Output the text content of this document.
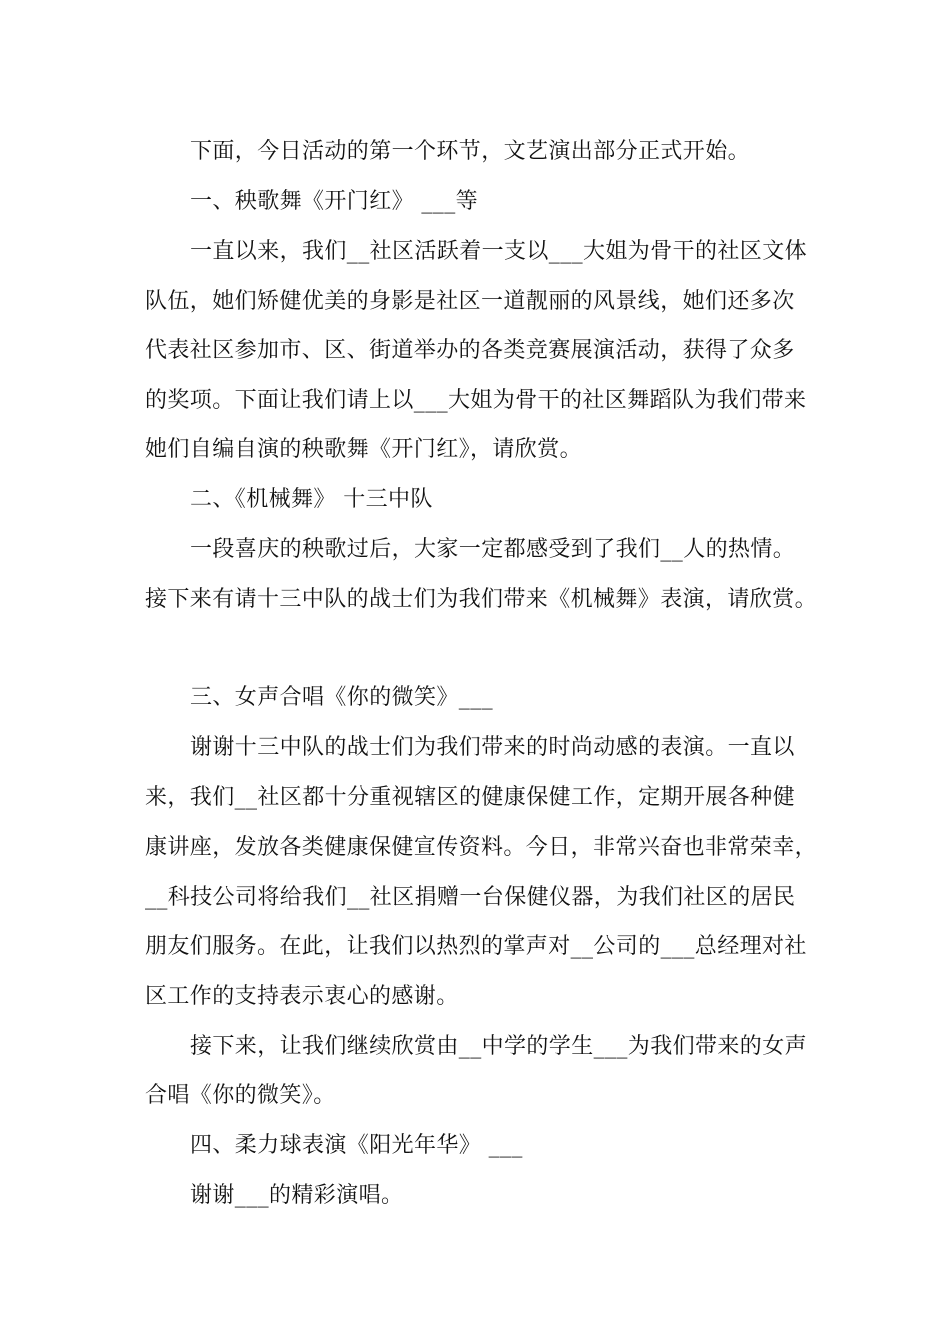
下面，今日活动的第一个环节，文艺演出部分正式开始。
一、秧歌舞《开门红》 ___等
一直以来，我们__社区活跃着一支以___大姐为骨干的社区文体
队伍，她们矫健优美的身影是社区一道靓丽的风景线，她们还多次
代表社区参加市、区、街道举办的各类竞赛展演活动，获得了众多
的奖项。下面让我们请上以___大姐为骨干的社区舞蹈队为我们带来
她们自编自演的秧歌舞《开门红》，请欣赏。
二、《机械舞》 十三中队
一段喜庆的秧歌过后，大家一定都感受到了我们__人的热情。
接下来有请十三中队的战士们为我们带来《机械舞》表演，请欣赏。
三、女声合唱《你的微笑》___
谢谢十三中队的战士们为我们带来的时尚动感的表演。一直以
来，我们__社区都十分重视辖区的健康保健工作，定期开展各种健
康讲座，发放各类健康保健宣传资料。今日，非常兴奋也非常荣幸，
__科技公司将给我们__社区捐赠一台保健仪器，为我们社区的居民
朋友们服务。在此，让我们以热烈的掌声对__公司的___总经理对社
区工作的支持表示衷心的感谢。
接下来，让我们继续欣赏由__中学的学生___为我们带来的女声
合唱《你的微笑》。
四、柔力球表演《阳光年华》 ___
谢谢___的精彩演唱。
